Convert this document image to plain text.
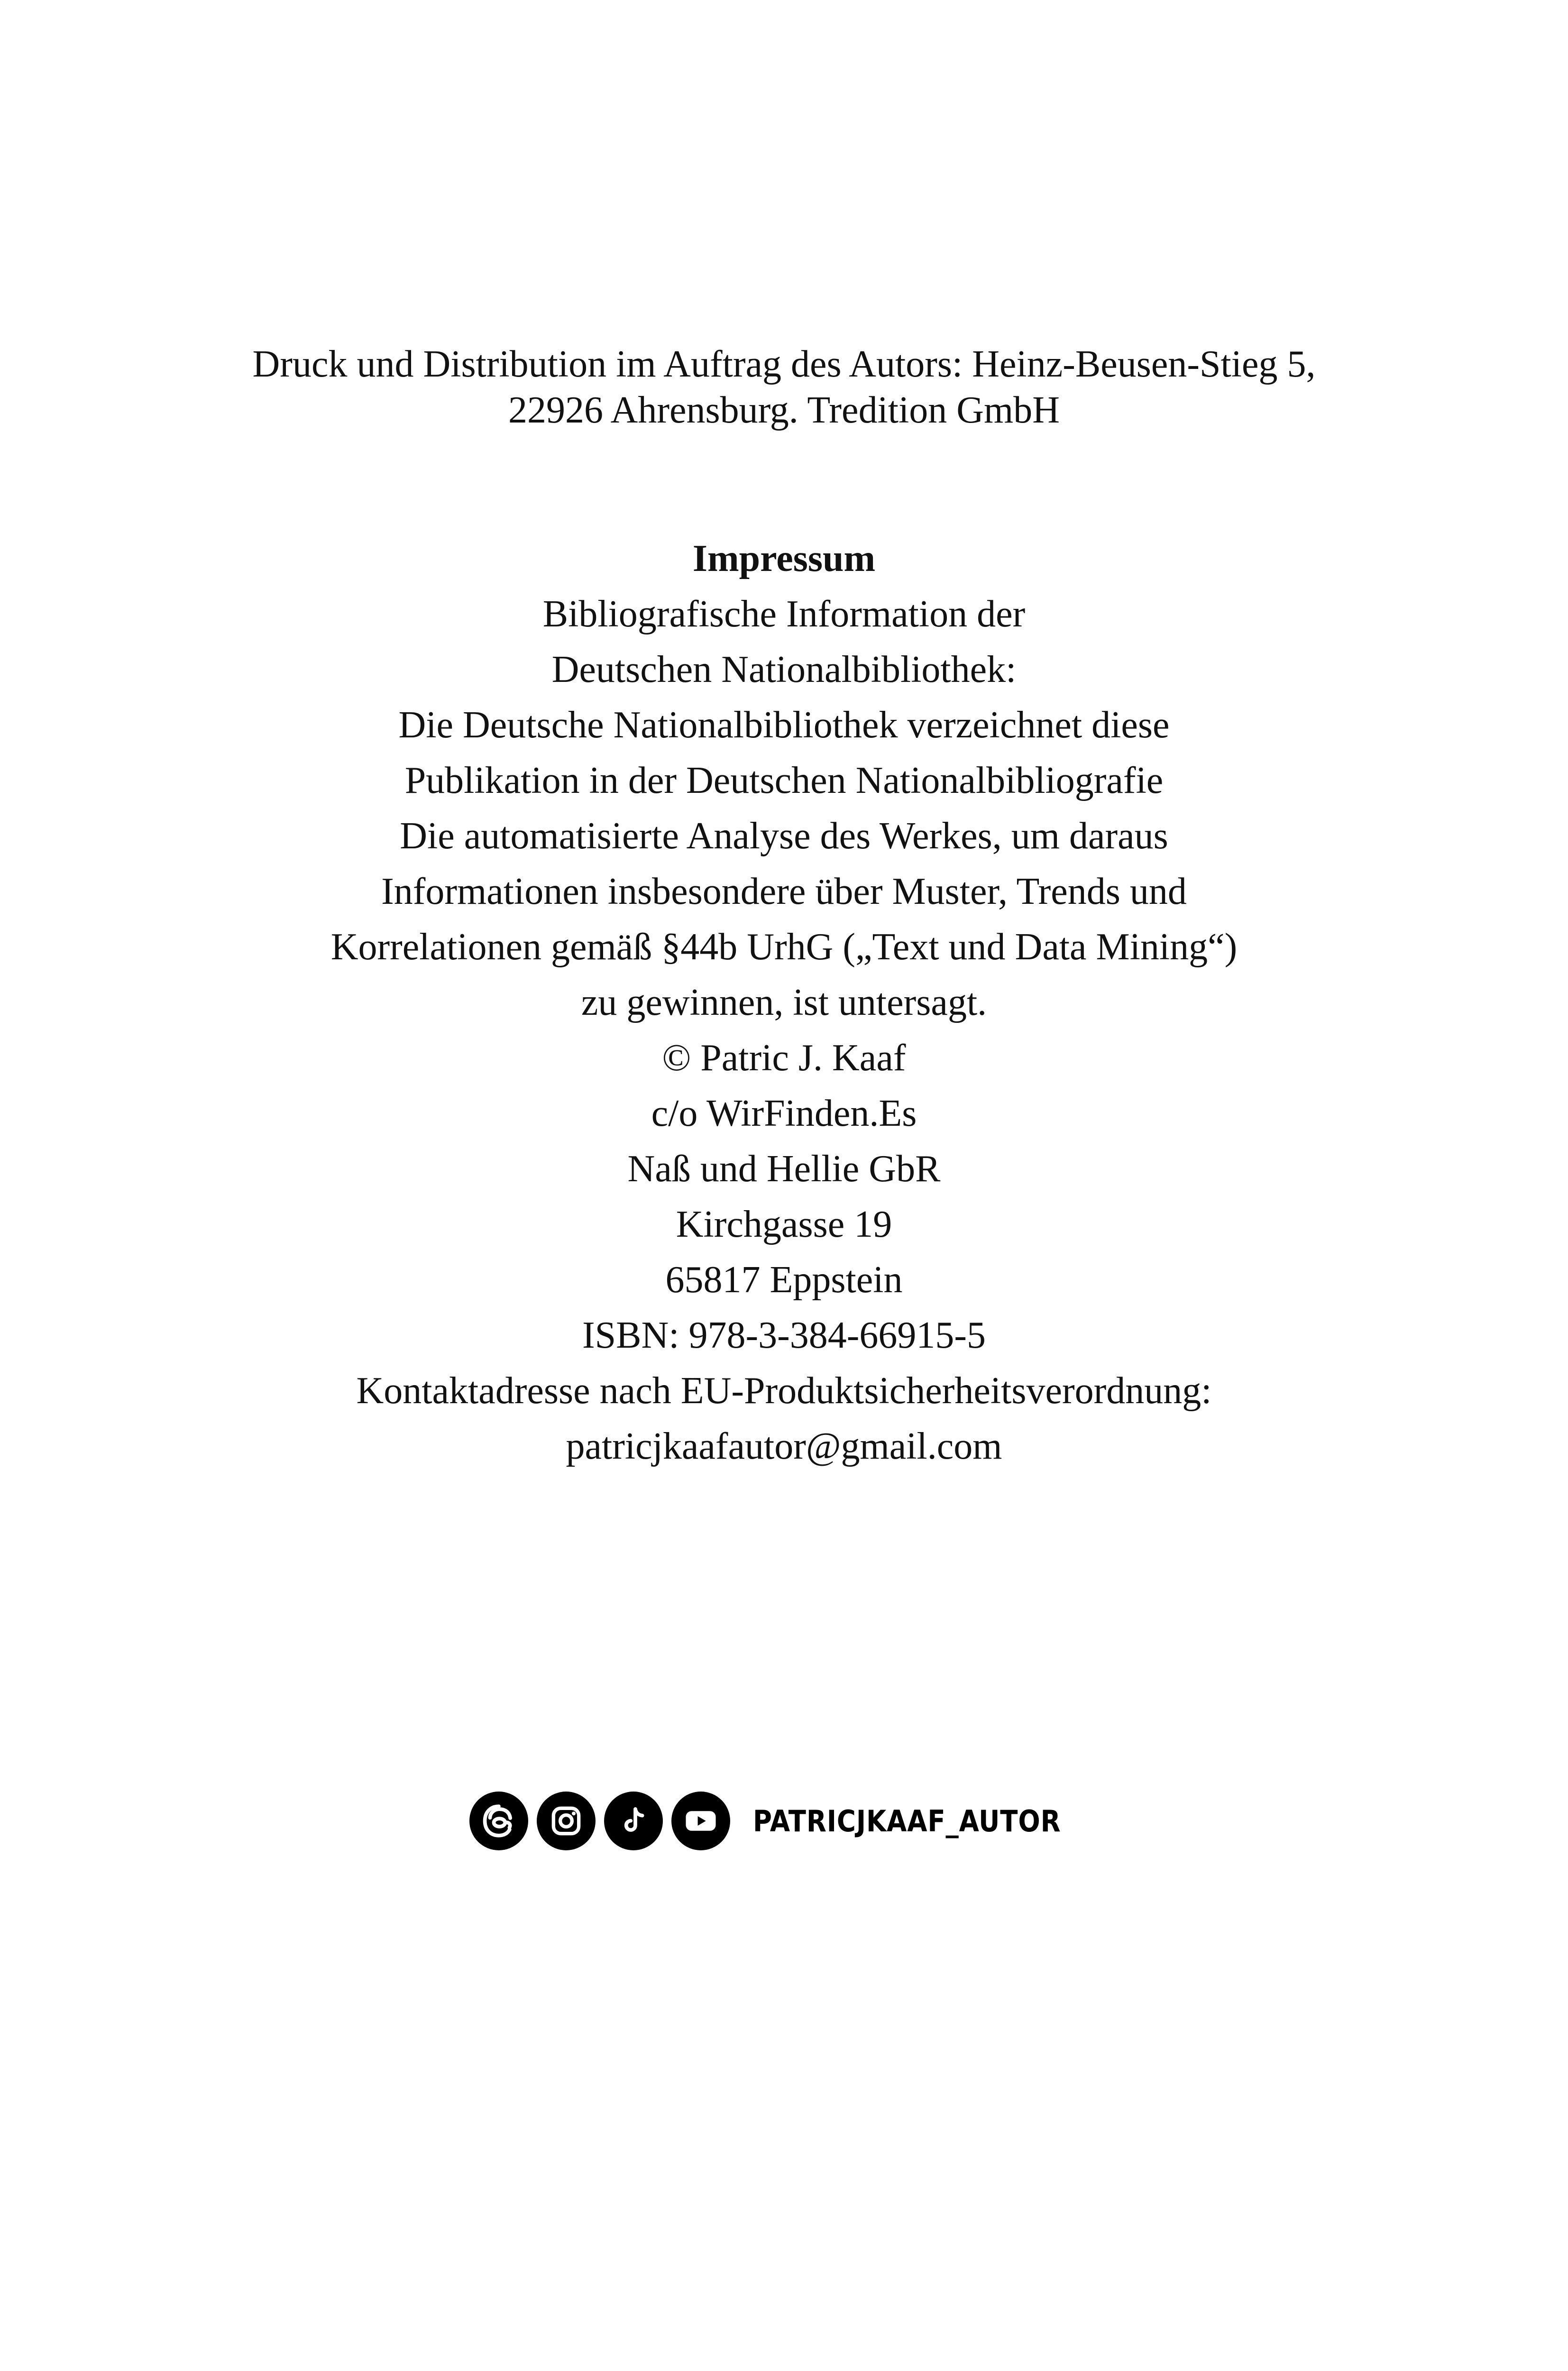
Druck und Distribution im Auftrag des Autors: Heinz-Beusen-Stieg 5,
22926 Ahrensburg. Tredition GmbH
Impressum
Bibliografische Information der
Deutschen Nationalbibliothek:
Die Deutsche Nationalbibliothek verzeichnet diese
Publikation in der Deutschen Nationalbibliografie
Die automatisierte Analyse des Werkes, um daraus
Informationen insbesondere über Muster, Trends und
Korrelationen gemäß §44b UrhG („Text und Data Mining“)
zu gewinnen, ist untersagt.
© Patric J. Kaaf
c/o WirFinden.Es
Naß und Hellie GbR
Kirchgasse 19
65817 Eppstein
ISBN: 978-3-384-66915-5
Kontaktadresse nach EU-Produktsicherheitsverordnung:
patricjkaafautor@gmail.com
PATRICJKAAF_AUTOR
